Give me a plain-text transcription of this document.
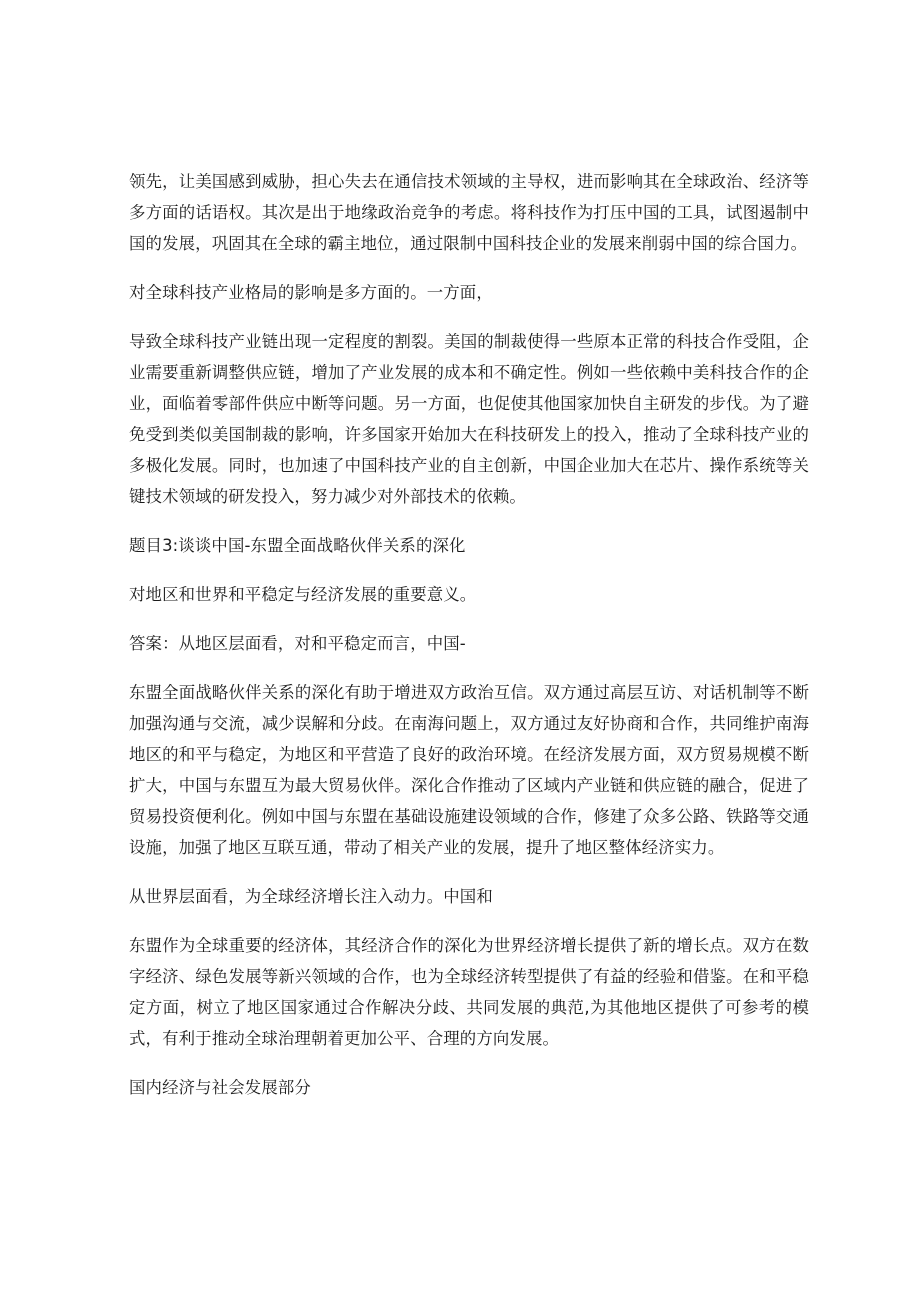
领先，让美国感到威胁，担心失去在通信技术领域的主导权，进而影响其在全球政治、经济等多方面的话语权。其次是出于地缘政治竞争的考虑。将科技作为打压中国的工具，试图遏制中国的发展，巩固其在全球的霸主地位，通过限制中国科技企业的发展来削弱中国的综合国力。

对全球科技产业格局的影响是多方面的。一方面，

导致全球科技产业链出现一定程度的割裂。美国的制裁使得一些原本正常的科技合作受阻，企业需要重新调整供应链，增加了产业发展的成本和不确定性。例如一些依赖中美科技合作的企业，面临着零部件供应中断等问题。另一方面，也促使其他国家加快自主研发的步伐。为了避免受到类似美国制裁的影响，许多国家开始加大在科技研发上的投入，推动了全球科技产业的多极化发展。同时，也加速了中国科技产业的自主创新，中国企业加大在芯片、操作系统等关键技术领域的研发投入，努力减少对外部技术的依赖。

题目3:谈谈中国-东盟全面战略伙伴关系的深化

对地区和世界和平稳定与经济发展的重要意义。

答案：从地区层面看，对和平稳定而言，中国-

东盟全面战略伙伴关系的深化有助于增进双方政治互信。双方通过高层互访、对话机制等不断加强沟通与交流，减少误解和分歧。在南海问题上，双方通过友好协商和合作，共同维护南海地区的和平与稳定，为地区和平营造了良好的政治环境。在经济发展方面，双方贸易规模不断扩大，中国与东盟互为最大贸易伙伴。深化合作推动了区域内产业链和供应链的融合，促进了贸易投资便利化。例如中国与东盟在基础设施建设领域的合作，修建了众多公路、铁路等交通设施，加强了地区互联互通，带动了相关产业的发展，提升了地区整体经济实力。

从世界层面看，为全球经济增长注入动力。中国和

东盟作为全球重要的经济体，其经济合作的深化为世界经济增长提供了新的增长点。双方在数字经济、绿色发展等新兴领域的合作，也为全球经济转型提供了有益的经验和借鉴。在和平稳定方面，树立了地区国家通过合作解决分歧、共同发展的典范,为其他地区提供了可参考的模式，有利于推动全球治理朝着更加公平、合理的方向发展。

国内经济与社会发展部分
